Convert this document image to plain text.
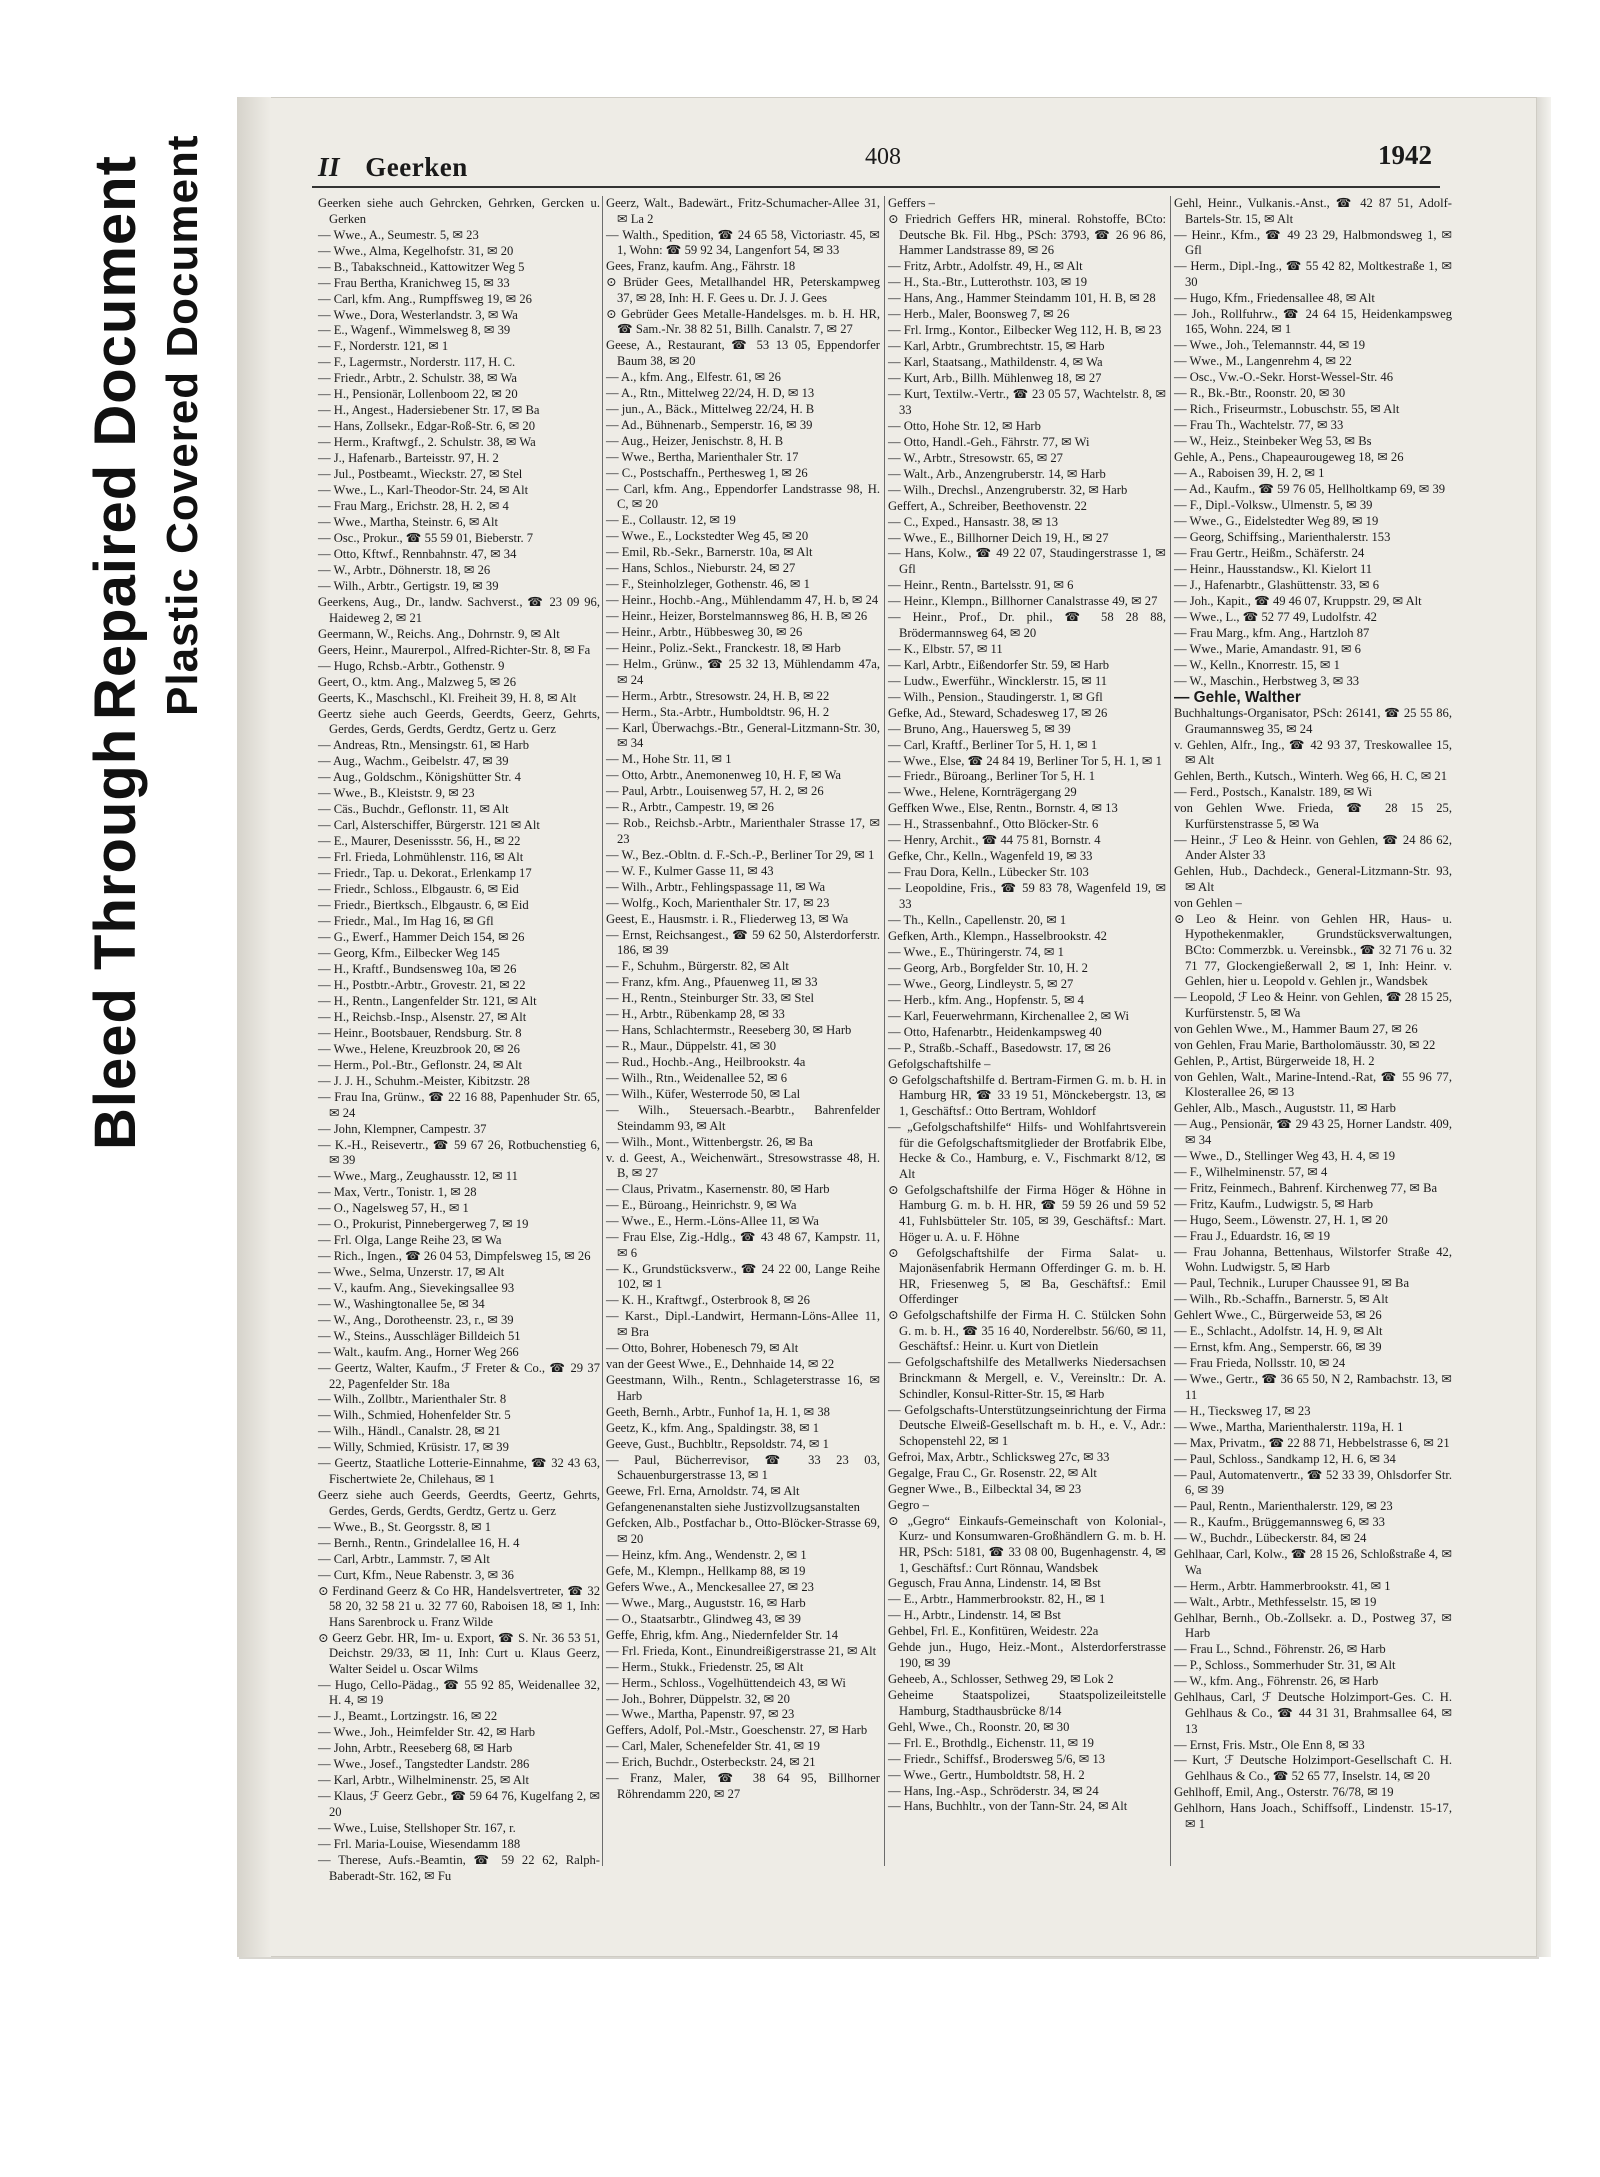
Repaired Document
Bleed Through
Plastic Covered Document	II Geerken	408	1942
Geerken siehe auch Gehrcken, Gehrken, Gercken u. Gerken
— Wwe., A., Seumestr. 5, ✉ 23
— Wwe., Alma, Kegelhofstr. 31, ✉ 20
— B., Tabakschneid., Kattowitzer Weg 5
— Frau Bertha, Kranichweg 15, ✉ 33
— Carl, kfm. Ang., Rumpffsweg 19, ✉ 26
— Wwe., Dora, Westerlandstr. 3, ✉ Wa
— E., Wagenf., Wimmelsweg 8, ✉ 39
— F., Norderstr. 121, ✉ 1
— F., Lagermstr., Norderstr. 117, H. C.
— Friedr., Arbtr., 2. Schulstr. 38, ✉ Wa
— H., Pensionär, Lollenboom 22, ✉ 20
— H., Angest., Hadersiebener Str. 17, ✉ Ba
— Hans, Zollsekr., Edgar-Roß-Str. 6, ✉ 20
— Herm., Kraftwgf., 2. Schulstr. 38, ✉ Wa
— J., Hafenarb., Barteisstr. 97, H. 2
— Jul., Postbeamt., Wieckstr. 27, ✉ Stel
— Wwe., L., Karl-Theodor-Str. 24, ✉ Alt
— Frau Marg., Erichstr. 28, H. 2, ✉ 4
— Wwe., Martha, Steinstr. 6, ✉ Alt
— Osc., Prokur., ☎ 55 59 01, Bieberstr. 7
— Otto, Kftwf., Rennbahnstr. 47, ✉ 34
— W., Arbtr., Döhnerstr. 18, ✉ 26
— Wilh., Arbtr., Gertigstr. 19, ✉ 39
Geerkens, Aug., Dr., landw. Sachverst., ☎ 23 09 96, Haideweg 2, ✉ 21
Geermann, W., Reichs. Ang., Dohrnstr. 9, ✉ Alt
Geers, Heinr., Maurerpol., Alfred-Richter-Str. 8, ✉ Fa
— Hugo, Rchsb.-Arbtr., Gothenstr. 9
Geert, O., ktm. Ang., Malzweg 5, ✉ 26
Geerts, K., Maschschl., Kl. Freiheit 39, H. 8, ✉ Alt
Geertz siehe auch Geerds, Geerdts, Geerz, Gehrts, Gerdes, Gerds, Gerdts, Gerdtz, Gertz u. Gerz
— Andreas, Rtn., Mensingstr. 61, ✉ Harb
— Aug., Wachm., Geibelstr. 47, ✉ 39
— Aug., Goldschm., Königshütter Str. 4
— Wwe., B., Kleiststr. 9, ✉ 23
— Cäs., Buchdr., Geflonstr. 11, ✉ Alt
— Carl, Alsterschiffer, Bürgerstr. 121 ✉ Alt
— E., Maurer, Desenissstr. 56, H., ✉ 22
— Frl. Frieda, Lohmühlenstr. 116, ✉ Alt
— Friedr., Tap. u. Dekorat., Erlenkamp 17
— Friedr., Schloss., Elbgaustr. 6, ✉ Eid
— Friedr., Biertksch., Elbgaustr. 6, ✉ Eid
— Friedr., Mal., Im Hag 16, ✉ Gfl
— G., Ewerf., Hammer Deich 154, ✉ 26
— Georg, Kfm., Eilbecker Weg 145
— H., Kraftf., Bundsensweg 10a, ✉ 26
— H., Postbtr.-Arbtr., Grovestr. 21, ✉ 22
— H., Rentn., Langenfelder Str. 121, ✉ Alt
— H., Reichsb.-Insp., Alsenstr. 27, ✉ Alt
— Heinr., Bootsbauer, Rendsburg. Str. 8
— Wwe., Helene, Kreuzbrook 20, ✉ 26
— Herm., Pol.-Btr., Geflonstr. 24, ✉ Alt
— J. J. H., Schuhm.-Meister, Kibitzstr. 28
— Frau Ina, Grünw., ☎ 22 16 88, Papenhuder Str. 65, ✉ 24
— John, Klempner, Campestr. 37
— K.-H., Reisevertr., ☎ 59 67 26, Rotbuchenstieg 6, ✉ 39
— Wwe., Marg., Zeughausstr. 12, ✉ 11
— Max, Vertr., Tonistr. 1, ✉ 28
— O., Nagelsweg 57, H., ✉ 1
— O., Prokurist, Pinnebergerweg 7, ✉ 19
— Frl. Olga, Lange Reihe 23, ✉ Wa
— Rich., Ingen., ☎ 26 04 53, Dimpfelsweg 15, ✉ 26
— Wwe., Selma, Unzerstr. 17, ✉ Alt
— V., kaufm. Ang., Sievekingsallee 93
— W., Washingtonallee 5e, ✉ 34
— W., Ang., Dorotheenstr. 23, r., ✉ 39
— W., Steins., Ausschläger Billdeich 51
— Walt., kaufm. Ang., Horner Weg 266
— Geertz, Walter, Kaufm., ℱ Freter & Co., ☎ 29 37 22, Pagenfelder Str. 18a
— Wilh., Zollbtr., Marienthaler Str. 8
— Wilh., Schmied, Hohenfelder Str. 5
— Wilh., Händl., Canalstr. 28, ✉ 21
— Willy, Schmied, Krüsistr. 17, ✉ 39
— Geertz, Staatliche Lotterie-Einnahme, ☎ 32 43 63, Fischertwiete 2e, Chilehaus, ✉ 1
Geerz siehe auch Geerds, Geerdts, Geertz, Gehrts, Gerdes, Gerds, Gerdts, Gerdtz, Gertz u. Gerz
— Wwe., B., St. Georgsstr. 8, ✉ 1
— Bernh., Rentn., Grindelallee 16, H. 4
— Carl, Arbtr., Lammstr. 7, ✉ Alt
— Curt, Kfm., Neue Rabenstr. 3, ✉ 36
⊙ Ferdinand Geerz & Co HR, Handelsvertreter, ☎ 32 58 20, 32 58 21 u. 32 77 60, Raboisen 18, ✉ 1, Inh: Hans Sarenbrock u. Franz Wilde
⊙ Geerz Gebr. HR, Im- u. Export, ☎ S. Nr. 36 53 51, Deichstr. 29/33, ✉ 11, Inh: Curt u. Klaus Geerz, Walter Seidel u. Oscar Wilms
— Hugo, Cello-Pädag., ☎ 55 92 85, Weidenallee 32, H. 4, ✉ 19
— J., Beamt., Lortzingstr. 16, ✉ 22
— Wwe., Joh., Heimfelder Str. 42, ✉ Harb
— John, Arbtr., Reeseberg 68, ✉ Harb
— Wwe., Josef., Tangstedter Landstr. 286
— Karl, Arbtr., Wilhelminenstr. 25, ✉ Alt
— Klaus, ℱ Geerz Gebr., ☎ 59 64 76, Kugelfang 2, ✉ 20
— Wwe., Luise, Stellshoper Str. 167, r.
— Frl. Maria-Louise, Wiesendamm 188
— Therese, Aufs.-Beamtin, ☎ 59 22 62, Ralph-Baberadt-Str. 162, ✉ Fu
Geerz, Walt., Badewärt., Fritz-Schumacher-Allee 31, ✉ La 2
— Walth., Spedition, ☎ 24 65 58, Victoriastr. 45, ✉ 1, Wohn: ☎ 59 92 34, Langenfort 54, ✉ 33
Gees, Franz, kaufm. Ang., Fährstr. 18
⊙ Brüder Gees, Metallhandel HR, Peterskampweg 37, ✉ 28, Inh: H. F. Gees u. Dr. J. J. Gees
⊙ Gebrüder Gees Metalle-Handelsges. m. b. H. HR, ☎ Sam.-Nr. 38 82 51, Billh. Canalstr. 7, ✉ 27
Geese, A., Restaurant, ☎ 53 13 05, Eppendorfer Baum 38, ✉ 20
— A., kfm. Ang., Elfestr. 61, ✉ 26
— A., Rtn., Mittelweg 22/24, H. D, ✉ 13
— jun., A., Bäck., Mittelweg 22/24, H. B
— Ad., Bühnenarb., Semperstr. 16, ✉ 39
— Aug., Heizer, Jenischstr. 8, H. B
— Wwe., Bertha, Marienthaler Str. 17
— C., Postschaffn., Perthesweg 1, ✉ 26
— Carl, kfm. Ang., Eppendorfer Landstrasse 98, H. C, ✉ 20
— E., Collaustr. 12, ✉ 19
— Wwe., E., Lockstedter Weg 45, ✉ 20
— Emil, Rb.-Sekr., Barnerstr. 10a, ✉ Alt
— Hans, Schlos., Nieburstr. 24, ✉ 27
— F., Steinholzleger, Gothenstr. 46, ✉ 1
— Heinr., Hochb.-Ang., Mühlendamm 47, H. b, ✉ 24
— Heinr., Heizer, Borstelmannsweg 86, H. B, ✉ 26
— Heinr., Arbtr., Hübbesweg 30, ✉ 26
— Heinr., Poliz.-Sekt., Franckestr. 18, ✉ Harb
— Helm., Grünw., ☎ 25 32 13, Mühlendamm 47a, ✉ 24
— Herm., Arbtr., Stresowstr. 24, H. B, ✉ 22
— Herm., Sta.-Arbtr., Humboldtstr. 96, H. 2
— Karl, Überwachgs.-Btr., General-Litzmann-Str. 30, ✉ 34
— M., Hohe Str. 11, ✉ 1
— Otto, Arbtr., Anemonenweg 10, H. F, ✉ Wa
— Paul, Arbtr., Louisenweg 57, H. 2, ✉ 26
— R., Arbtr., Campestr. 19, ✉ 26
— Rob., Reichsb.-Arbtr., Marienthaler Strasse 17, ✉ 23
— W., Bez.-Obltn. d. F.-Sch.-P., Berliner Tor 29, ✉ 1
— W. F., Kulmer Gasse 11, ✉ 43
— Wilh., Arbtr., Fehlingspassage 11, ✉ Wa
— Wolfg., Koch, Marienthaler Str. 17, ✉ 23
Geest, E., Hausmstr. i. R., Fliederweg 13, ✉ Wa
— Ernst, Reichsangest., ☎ 59 62 50, Alsterdorferstr. 186, ✉ 39
— F., Schuhm., Bürgerstr. 82, ✉ Alt
— Franz, kfm. Ang., Pfauenweg 11, ✉ 33
— H., Rentn., Steinburger Str. 33, ✉ Stel
— H., Arbtr., Rübenkamp 28, ✉ 33
— Hans, Schlachtermstr., Reeseberg 30, ✉ Harb
— R., Maur., Düppelstr. 41, ✉ 30
— Rud., Hochb.-Ang., Heilbrookstr. 4a
— Wilh., Rtn., Weidenallee 52, ✉ 6
— Wilh., Küfer, Westerrode 50, ✉ Lal
— Wilh., Steuersach.-Bearbtr., Bahrenfelder Steindamm 93, ✉ Alt
— Wilh., Mont., Wittenbergstr. 26, ✉ Ba
v. d. Geest, A., Weichenwärt., Stresowstrasse 48, H. B, ✉ 27
— Claus, Privatm., Kasernenstr. 80, ✉ Harb
— E., Büroang., Heinrichstr. 9, ✉ Wa
— Wwe., E., Herm.-Löns-Allee 11, ✉ Wa
— Frau Else, Zig.-Hdlg., ☎ 43 48 67, Kampstr. 11, ✉ 6
— K., Grundstücksverw., ☎ 24 22 00, Lange Reihe 102, ✉ 1
— K. H., Kraftwgf., Osterbrook 8, ✉ 26
— Karst., Dipl.-Landwirt, Hermann-Löns-Allee 11, ✉ Bra
— Otto, Bohrer, Hobenesch 79, ✉ Alt
van der Geest Wwe., E., Dehnhaide 14, ✉ 22
Geestmann, Wilh., Rentn., Schlageterstrasse 16, ✉ Harb
Geeth, Bernh., Arbtr., Funhof 1a, H. 1, ✉ 38
Geetz, K., kfm. Ang., Spaldingstr. 38, ✉ 1
Geeve, Gust., Buchbltr., Repsoldstr. 74, ✉ 1
— Paul, Bücherrevisor, ☎ 33 23 03, Schauenburgerstrasse 13, ✉ 1
Geewe, Frl. Erna, Arnoldstr. 74, ✉ Alt
Gefangenenanstalten siehe Justizvollzugsanstalten
Gefcken, Alb., Postfachar b., Otto-Blöcker-Strasse 69, ✉ 20
— Heinz, kfm. Ang., Wendenstr. 2, ✉ 1
Gefe, M., Klempn., Hellkamp 88, ✉ 19
Gefers Wwe., A., Menckesallee 27, ✉ 23
— Wwe., Marg., Auguststr. 16, ✉ Harb
— O., Staatsarbtr., Glindweg 43, ✉ 39
Geffe, Ehrig, kfm. Ang., Niedernfelder Str. 14
— Frl. Frieda, Kont., Einundreißigerstrasse 21, ✉ Alt
— Herm., Stukk., Friedenstr. 25, ✉ Alt
— Herm., Schloss., Vogelhüttendeich 43, ✉ Wi
— Joh., Bohrer, Düppelstr. 32, ✉ 20
— Wwe., Martha, Papenstr. 97, ✉ 23
Geffers, Adolf, Pol.-Mstr., Goeschenstr. 27, ✉ Harb
— Carl, Maler, Schenefelder Str. 41, ✉ 19
— Erich, Buchdr., Osterbeckstr. 24, ✉ 21
— Franz, Maler, ☎ 38 64 95, Billhorner Röhrendamm 220, ✉ 27
Geffers –
⊙ Friedrich Geffers HR, mineral. Rohstoffe, BCto: Deutsche Bk. Fil. Hbg., PSch: 3793, ☎ 26 96 86, Hammer Landstrasse 89, ✉ 26
— Fritz, Arbtr., Adolfstr. 49, H., ✉ Alt
— H., Sta.-Btr., Lutterothstr. 103, ✉ 19
— Hans, Ang., Hammer Steindamm 101, H. B, ✉ 28
— Herb., Maler, Boonsweg 7, ✉ 26
— Frl. Irmg., Kontor., Eilbecker Weg 112, H. B, ✉ 23
— Karl, Arbtr., Grumbrechtstr. 15, ✉ Harb
— Karl, Staatsang., Mathildenstr. 4, ✉ Wa
— Kurt, Arb., Billh. Mühlenweg 18, ✉ 27
— Kurt, Textilw.-Vertr., ☎ 23 05 57, Wachtelstr. 8, ✉ 33
— Otto, Hohe Str. 12, ✉ Harb
— Otto, Handl.-Geh., Fährstr. 77, ✉ Wi
— W., Arbtr., Stresowstr. 65, ✉ 27
— Walt., Arb., Anzengruberstr. 14, ✉ Harb
— Wilh., Drechsl., Anzengruberstr. 32, ✉ Harb
Geffert, A., Schreiber, Beethovenstr. 22
— C., Exped., Hansastr. 38, ✉ 13
— Wwe., E., Billhorner Deich 19, H., ✉ 27
— Hans, Kolw., ☎ 49 22 07, Staudingerstrasse 1, ✉ Gfl
— Heinr., Rentn., Bartelsstr. 91, ✉ 6
— Heinr., Klempn., Billhorner Canalstrasse 49, ✉ 27
— Heinr., Prof., Dr. phil., ☎ 58 28 88, Brödermannsweg 64, ✉ 20
— K., Elbstr. 57, ✉ 11
— Karl, Arbtr., Eißendorfer Str. 59, ✉ Harb
— Ludw., Ewerführ., Wincklerstr. 15, ✉ 11
— Wilh., Pension., Staudingerstr. 1, ✉ Gfl
Gefke, Ad., Steward, Schadesweg 17, ✉ 26
— Bruno, Ang., Hauersweg 5, ✉ 39
— Carl, Kraftf., Berliner Tor 5, H. 1, ✉ 1
— Wwe., Else, ☎ 24 84 19, Berliner Tor 5, H. 1, ✉ 1
— Friedr., Büroang., Berliner Tor 5, H. 1
— Wwe., Helene, Kornträgergang 29
Geffken Wwe., Else, Rentn., Bornstr. 4, ✉ 13
— H., Strassenbahnf., Otto Blöcker-Str. 6
— Henry, Archit., ☎ 44 75 81, Bornstr. 4
Gefke, Chr., Kelln., Wagenfeld 19, ✉ 33
— Frau Dora, Kelln., Lübecker Str. 103
— Leopoldine, Fris., ☎ 59 83 78, Wagenfeld 19, ✉ 33
— Th., Kelln., Capellenstr. 20, ✉ 1
Gefken, Arth., Klempn., Hasselbrookstr. 42
— Wwe., E., Thüringerstr. 74, ✉ 1
— Georg, Arb., Borgfelder Str. 10, H. 2
— Wwe., Georg, Lindleystr. 5, ✉ 27
— Herb., kfm. Ang., Hopfenstr. 5, ✉ 4
— Karl, Feuerwehrmann, Kirchenallee 2, ✉ Wi
— Otto, Hafenarbtr., Heidenkampsweg 40
— P., Straßb.-Schaff., Basedowstr. 17, ✉ 26
Gefolgschaftshilfe –
⊙ Gefolgschaftshilfe d. Bertram-Firmen G. m. b. H. in Hamburg HR, ☎ 33 19 51, Mönckebergstr. 13, ✉ 1, Geschäftsf.: Otto Bertram, Wohldorf
— „Gefolgschaftshilfe“ Hilfs- und Wohlfahrtsverein für die Gefolgschaftsmitglieder der Brotfabrik Elbe, Hecke & Co., Hamburg, e. V., Fischmarkt 8/12, ✉ Alt
⊙ Gefolgschaftshilfe der Firma Höger & Höhne in Hamburg G. m. b. H. HR, ☎ 59 59 26 und 59 52 41, Fuhlsbütteler Str. 105, ✉ 39, Geschäftsf.: Mart. Höger u. A. u. F. Höhne
⊙ Gefolgschaftshilfe der Firma Salat- u. Majonäsenfabrik Hermann Offerdinger G. m. b. H. HR, Friesenweg 5, ✉ Ba, Geschäftsf.: Emil Offerdinger
⊙ Gefolgschaftshilfe der Firma H. C. Stülcken Sohn G. m. b. H., ☎ 35 16 40, Norderelbstr. 56/60, ✉ 11, Geschäftsf.: Heinr. u. Kurt von Dietlein
— Gefolgschaftshilfe des Metallwerks Niedersachsen Brinckmann & Mergell, e. V., Vereinsltr.: Dr. A. Schindler, Konsul-Ritter-Str. 15, ✉ Harb
— Gefolgschafts-Unterstützungseinrichtung der Firma Deutsche Elweiß-Gesellschaft m. b. H., e. V., Adr.: Schopenstehl 22, ✉ 1
Gefroi, Max, Arbtr., Schlicksweg 27c, ✉ 33
Gegalge, Frau C., Gr. Rosenstr. 22, ✉ Alt
Gegner Wwe., B., Eilbecktal 34, ✉ 23
Gegro –
⊙ „Gegro“ Einkaufs-Gemeinschaft von Kolonial-, Kurz- und Konsumwaren-Großhändlern G. m. b. H. HR, PSch: 5181, ☎ 33 08 00, Bugenhagenstr. 4, ✉ 1, Geschäftsf.: Curt Rönnau, Wandsbek
Gegusch, Frau Anna, Lindenstr. 14, ✉ Bst
— E., Arbtr., Hammerbrookstr. 82, H., ✉ 1
— H., Arbtr., Lindenstr. 14, ✉ Bst
Gehbel, Frl. E., Konfitüren, Weidestr. 22a
Gehde jun., Hugo, Heiz.-Mont., Alsterdorferstrasse 190, ✉ 39
Geheeb, A., Schlosser, Sethweg 29, ✉ Lok 2
Geheime Staatspolizei, Staatspolizeileitstelle Hamburg, Stadthausbrücke 8/14
Gehl, Wwe., Ch., Roonstr. 20, ✉ 30
— Frl. E., Brothdlg., Eichenstr. 11, ✉ 19
— Friedr., Schiffsf., Brodersweg 5/6, ✉ 13
— Wwe., Gertr., Humboldtstr. 58, H. 2
— Hans, Ing.-Asp., Schröderstr. 34, ✉ 24
— Hans, Buchhltr., von der Tann-Str. 24, ✉ Alt
Gehl, Heinr., Vulkanis.-Anst., ☎ 42 87 51, Adolf-Bartels-Str. 15, ✉ Alt
— Heinr., Kfm., ☎ 49 23 29, Halbmondsweg 1, ✉ Gfl
— Herm., Dipl.-Ing., ☎ 55 42 82, Moltkestraße 1, ✉ 30
— Hugo, Kfm., Friedensallee 48, ✉ Alt
— Joh., Rollfuhrw., ☎ 24 64 15, Heidenkampsweg 165, Wohn. 224, ✉ 1
— Wwe., Joh., Telemannstr. 44, ✉ 19
— Wwe., M., Langenrehm 4, ✉ 22
— Osc., Vw.-O.-Sekr. Horst-Wessel-Str. 46
— R., Bk.-Btr., Roonstr. 20, ✉ 30
— Rich., Friseurmstr., Lobuschstr. 55, ✉ Alt
— Frau Th., Wachtelstr. 77, ✉ 33
— W., Heiz., Steinbeker Weg 53, ✉ Bs
Gehle, A., Pens., Chapeaurougeweg 18, ✉ 26
— A., Raboisen 39, H. 2, ✉ 1
— Ad., Kaufm., ☎ 59 76 05, Hellholtkamp 69, ✉ 39
— F., Dipl.-Volksw., Ulmenstr. 5, ✉ 39
— Wwe., G., Eidelstedter Weg 89, ✉ 19
— Georg, Schiffsing., Marienthalerstr. 153
— Frau Gertr., Heißm., Schäferstr. 24
— Heinr., Hausstandsw., Kl. Kielort 11
— J., Hafenarbtr., Glashüttenstr. 33, ✉ 6
— Joh., Kapit., ☎ 49 46 07, Kruppstr. 29, ✉ Alt
— Wwe., L., ☎ 52 77 49, Ludolfstr. 42
— Frau Marg., kfm. Ang., Hartzloh 87
— Wwe., Marie, Amandastr. 91, ✉ 6
— W., Kelln., Knorrestr. 15, ✉ 1
— W., Maschin., Herbstweg 3, ✉ 33
— Gehle, Walther
Buchhaltungs-Organisator, PSch: 26141, ☎ 25 55 86, Graumannsweg 35, ✉ 24
v. Gehlen, Alfr., Ing., ☎ 42 93 37, Treskowallee 15, ✉ Alt
Gehlen, Berth., Kutsch., Winterh. Weg 66, H. C, ✉ 21
— Ferd., Postsch., Kanalstr. 189, ✉ Wi
von Gehlen Wwe. Frieda, ☎ 28 15 25, Kurfürstenstrasse 5, ✉ Wa
— Heinr., ℱ Leo & Heinr. von Gehlen, ☎ 24 86 62, Ander Alster 33
Gehlen, Hub., Dachdeck., General-Litzmann-Str. 93, ✉ Alt
von Gehlen –
⊙ Leo & Heinr. von Gehlen HR, Haus- u. Hypothekenmakler, Grundstücksverwaltungen, BCto: Commerzbk. u. Vereinsbk., ☎ 32 71 76 u. 32 71 77, Glockengießerwall 2, ✉ 1, Inh: Heinr. v. Gehlen, hier u. Leopold v. Gehlen jr., Wandsbek
— Leopold, ℱ Leo & Heinr. von Gehlen, ☎ 28 15 25, Kurfürstenstr. 5, ✉ Wa
von Gehlen Wwe., M., Hammer Baum 27, ✉ 26
von Gehlen, Frau Marie, Bartholomäusstr. 30, ✉ 22
Gehlen, P., Artist, Bürgerweide 18, H. 2
von Gehlen, Walt., Marine-Intend.-Rat, ☎ 55 96 77, Klosterallee 26, ✉ 13
Gehler, Alb., Masch., Auguststr. 11, ✉ Harb
— Aug., Pensionär, ☎ 29 43 25, Horner Landstr. 409, ✉ 34
— Wwe., D., Stellinger Weg 43, H. 4, ✉ 19
— F., Wilhelminenstr. 57, ✉ 4
— Fritz, Feinmech., Bahrenf. Kirchenweg 77, ✉ Ba
— Fritz, Kaufm., Ludwigstr. 5, ✉ Harb
— Hugo, Seem., Löwenstr. 27, H. 1, ✉ 20
— Frau J., Eduardstr. 16, ✉ 19
— Frau Johanna, Bettenhaus, Wilstorfer Straße 42, Wohn. Ludwigstr. 5, ✉ Harb
— Paul, Technik., Luruper Chaussee 91, ✉ Ba
— Wilh., Rb.-Schaffn., Barnerstr. 5, ✉ Alt
Gehlert Wwe., C., Bürgerweide 53, ✉ 26
— E., Schlacht., Adolfstr. 14, H. 9, ✉ Alt
— Ernst, kfm. Ang., Semperstr. 66, ✉ 39
— Frau Frieda, Nollsstr. 10, ✉ 24
— Wwe., Gertr., ☎ 36 65 50, N 2, Rambachstr. 13, ✉ 11
— H., Tiecksweg 17, ✉ 23
— Wwe., Martha, Marienthalerstr. 119a, H. 1
— Max, Privatm., ☎ 22 88 71, Hebbelstrasse 6, ✉ 21
— Paul, Schloss., Sandkamp 12, H. 6, ✉ 34
— Paul, Automatenvertr., ☎ 52 33 39, Ohlsdorfer Str. 6, ✉ 39
— Paul, Rentn., Marienthalerstr. 129, ✉ 23
— R., Kaufm., Brüggemannsweg 6, ✉ 33
— W., Buchdr., Lübeckerstr. 84, ✉ 24
Gehlhaar, Carl, Kolw., ☎ 28 15 26, Schloßstraße 4, ✉ Wa
— Herm., Arbtr. Hammerbrookstr. 41, ✉ 1
— Walt., Arbtr., Methfesselstr. 15, ✉ 19
Gehlhar, Bernh., Ob.-Zollsekr. a. D., Postweg 37, ✉ Harb
— Frau L., Schnd., Föhrenstr. 26, ✉ Harb
— P., Schloss., Sommerhuder Str. 31, ✉ Alt
— W., kfm. Ang., Föhrenstr. 26, ✉ Harb
Gehlhaus, Carl, ℱ Deutsche Holzimport-Ges. C. H. Gehlhaus & Co., ☎ 44 31 31, Brahmsallee 64, ✉ 13
— Ernst, Fris. Mstr., Ole Enn 8, ✉ 33
— Kurt, ℱ Deutsche Holzimport-Gesellschaft C. H. Gehlhaus & Co., ☎ 52 65 77, Inselstr. 14, ✉ 20
Gehlhoff, Emil, Ang., Osterstr. 76/78, ✉ 19
Gehlhorn, Hans Joach., Schiffsoff., Lindenstr. 15-17, ✉ 1
